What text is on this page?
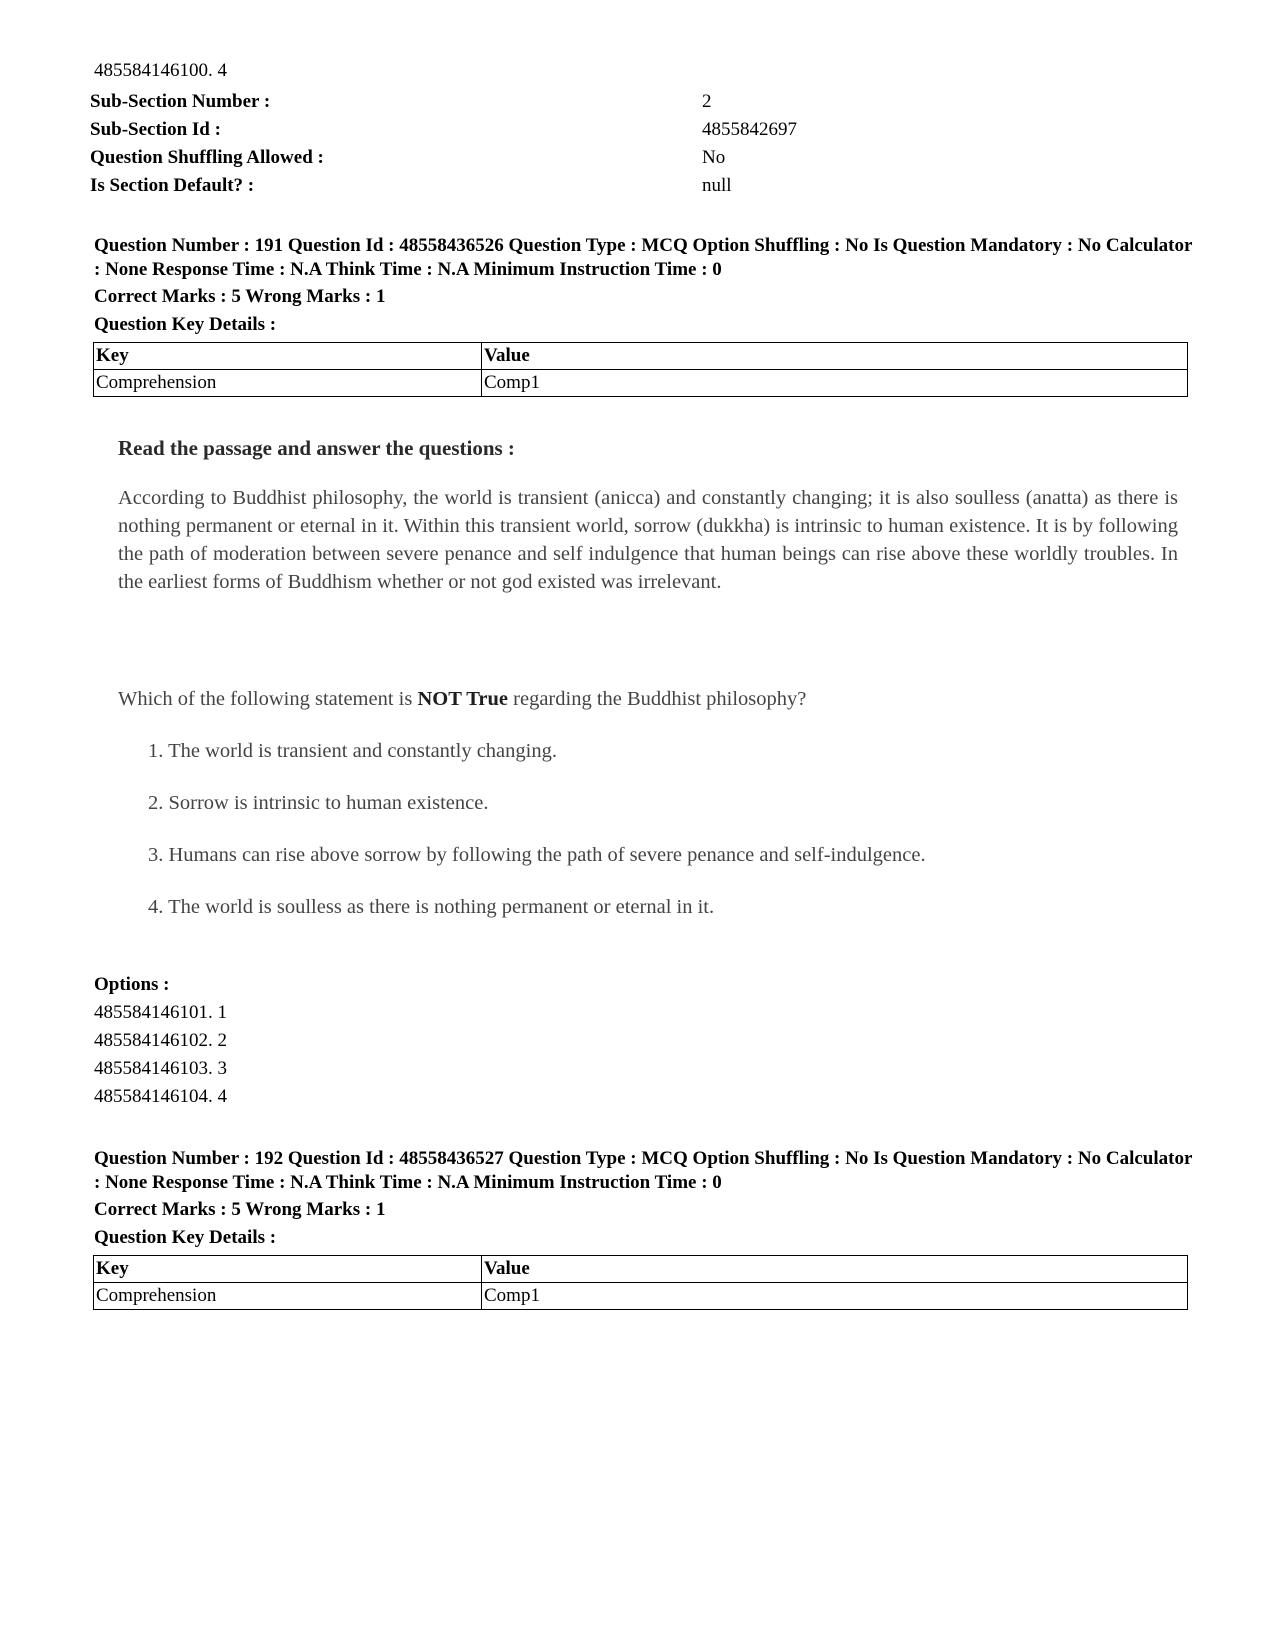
485584146100. 4
Sub-Section Number :	2
Sub-Section Id :	4855842697
Question Shuffling Allowed :	No
Is Section Default? :	null
Question Number : 191 Question Id : 48558436526 Question Type : MCQ Option Shuffling : No Is Question Mandatory : No Calculator : None Response Time : N.A Think Time : N.A Minimum Instruction Time : 0
Correct Marks : 5 Wrong Marks : 1
Question Key Details :
Key	Value
Comprehension	Comp1
Read the passage and answer the questions :
According to Buddhist philosophy, the world is transient (anicca) and constantly changing; it is also soulless (anatta) as there is nothing permanent or eternal in it. Within this transient world, sorrow (dukkha) is intrinsic to human existence. It is by following the path of moderation between severe penance and self indulgence that human beings can rise above these worldly troubles. In the earliest forms of Buddhism whether or not god existed was irrelevant.
Which of the following statement is NOT True regarding the Buddhist philosophy?
1. The world is transient and constantly changing.
2. Sorrow is intrinsic to human existence.
3. Humans can rise above sorrow by following the path of severe penance and self-indulgence.
4. The world is soulless as there is nothing permanent or eternal in it.
Options :
485584146101. 1
485584146102. 2
485584146103. 3
485584146104. 4
Question Number : 192 Question Id : 48558436527 Question Type : MCQ Option Shuffling : No Is Question Mandatory : No Calculator : None Response Time : N.A Think Time : N.A Minimum Instruction Time : 0
Correct Marks : 5 Wrong Marks : 1
Question Key Details :
Key	Value
Comprehension	Comp1
